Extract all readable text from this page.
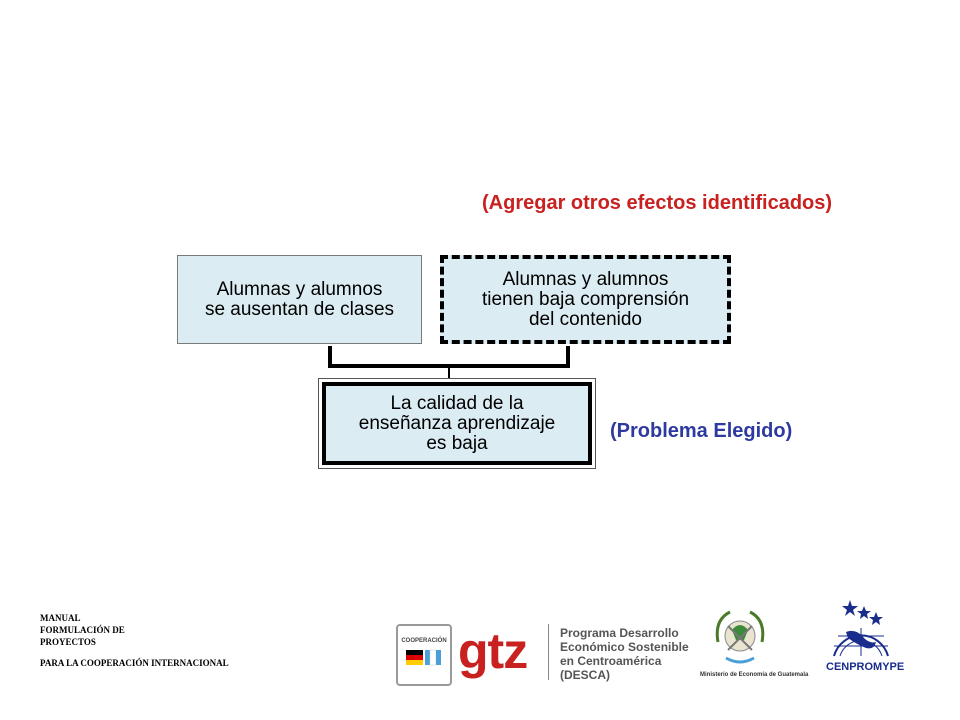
(Agregar otros efectos identificados)
(Problema Elegido)
Alumnas y alumnos
se ausentan de clases
Alumnas y alumnos
tienen baja comprensión
del contenido
La calidad de la
enseñanza aprendizaje
es baja
MANUAL
FORMULACIÓN DE
PROYECTOS
PARA LA COOPERACIÓN INTERNACIONAL
COOPERACIÓN gtz	Programa Desarrollo
Económico Sostenible
en Centroamérica
(DESCA)	Ministerio de Economía de Guatemala
CENPROMYPE
